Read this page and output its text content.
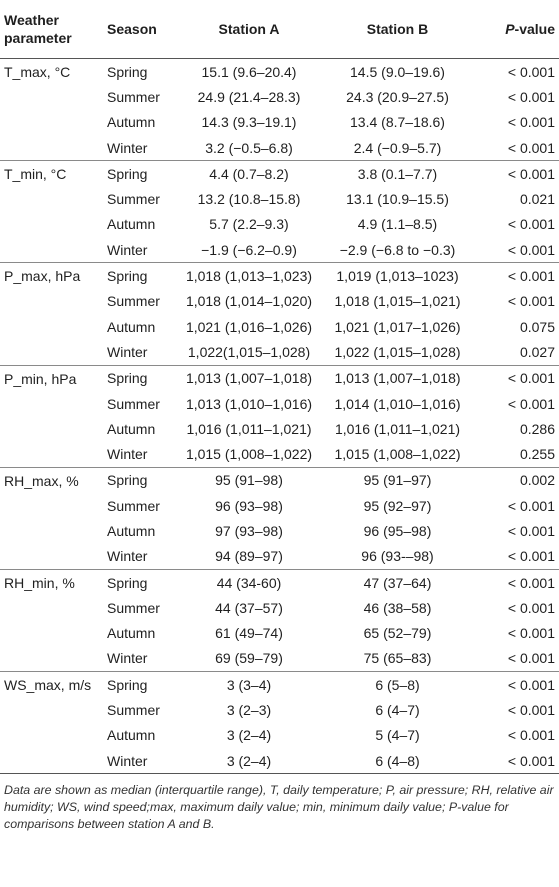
Weather parameter	Season	Station A	Station B	P-value
T_max, °C	Spring	15.1 (9.6–20.4)	14.5 (9.0–19.6)	< 0.001
	Summer	24.9 (21.4–28.3)	24.3 (20.9–27.5)	< 0.001
	Autumn	14.3 (9.3–19.1)	13.4 (8.7–18.6)	< 0.001
	Winter	3.2 (−0.5–6.8)	2.4 (−0.9–5.7)	< 0.001
T_min, °C	Spring	4.4 (0.7–8.2)	3.8 (0.1–7.7)	< 0.001
	Summer	13.2 (10.8–15.8)	13.1 (10.9–15.5)	0.021
	Autumn	5.7 (2.2–9.3)	4.9 (1.1–8.5)	< 0.001
	Winter	−1.9 (−6.2–0.9)	−2.9 (−6.8 to −0.3)	< 0.001
P_max, hPa	Spring	1,018 (1,013–1,023)	1,019 (1,013–1023)	< 0.001
	Summer	1,018 (1,014–1,020)	1,018 (1,015–1,021)	< 0.001
	Autumn	1,021 (1,016–1,026)	1,021 (1,017–1,026)	0.075
	Winter	1,022(1,015–1,028)	1,022 (1,015–1,028)	0.027
P_min, hPa	Spring	1,013 (1,007–1,018)	1,013 (1,007–1,018)	< 0.001
	Summer	1,013 (1,010–1,016)	1,014 (1,010–1,016)	< 0.001
	Autumn	1,016 (1,011–1,021)	1,016 (1,011–1,021)	0.286
	Winter	1,015 (1,008–1,022)	1,015 (1,008–1,022)	0.255
RH_max, %	Spring	95 (91–98)	95 (91–97)	0.002
	Summer	96 (93–98)	95 (92–97)	< 0.001
	Autumn	97 (93–98)	96 (95–98)	< 0.001
	Winter	94 (89–97)	96 (93-–98)	< 0.001
RH_min, %	Spring	44 (34-60)	47 (37–64)	< 0.001
	Summer	44 (37–57)	46 (38–58)	< 0.001
	Autumn	61 (49–74)	65 (52–79)	< 0.001
	Winter	69 (59–79)	75 (65–83)	< 0.001
WS_max, m/s	Spring	3 (3–4)	6 (5–8)	< 0.001
	Summer	3 (2–3)	6 (4–7)	< 0.001
	Autumn	3 (2–4)	5 (4–7)	< 0.001
	Winter	3 (2–4)	6 (4–8)	< 0.001
Data are shown as median (interquartile range), T, daily temperature; P, air pressure; RH, relative air humidity; WS, wind speed;max, maximum daily value; min, minimum daily value; P-value for comparisons between station A and B.
